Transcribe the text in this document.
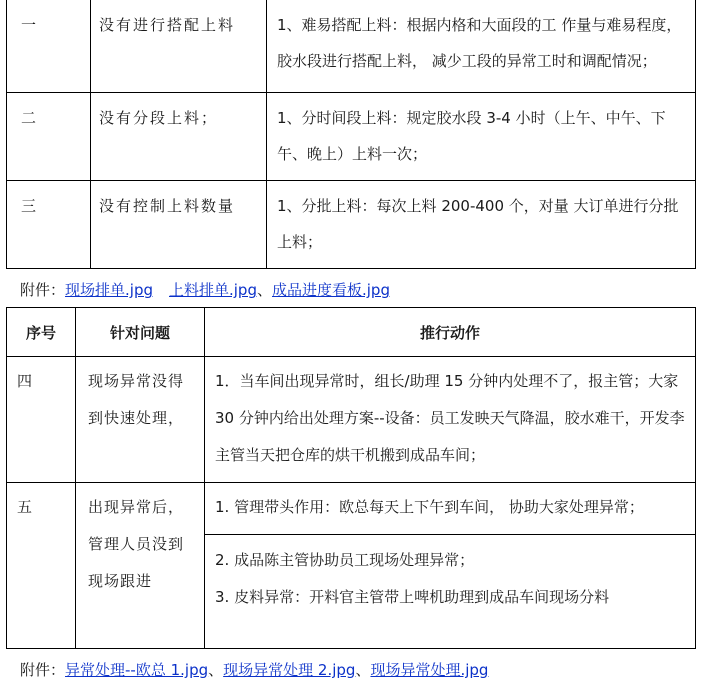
一	没有进行搭配上料	1、难易搭配上料：根据内格和大面段的工 作量与难易程度，胶水段进行搭配上料， 减少工段的异常工时和调配情况；
二	没有分段上料；	1、分时间段上料：规定胶水段 3-4 小时（上午、中午、下午、晚上）上料一次；
三	没有控制上料数量	1、分批上料：每次上料 200-400 个，对量 大订单进行分批上料；
附件：现场排单.jpg 上料排单.jpg、成品进度看板.jpg
序号	针对问题	推行动作
四	现场异常没得到快速处理，	1．当车间出现异常时，组长/助理 15 分钟内处理不了，报主管；大家 30 分钟内给出处理方案--设备：员工发映天气降温，胶水难干，开发李主管当天把仓库的烘干机搬到成品车间；
五	出现异常后，管理人员没到现场跟进	1. 管理带头作用：欧总每天上下午到车间， 协助大家处理异常；
2. 成品陈主管协助员工现场处理异常；
3. 皮料异常：开料官主管带上啤机助理到成品车间现场分料
附件：异常处理--欧总 1.jpg、现场异常处理 2.jpg、现场异常处理.jpg
